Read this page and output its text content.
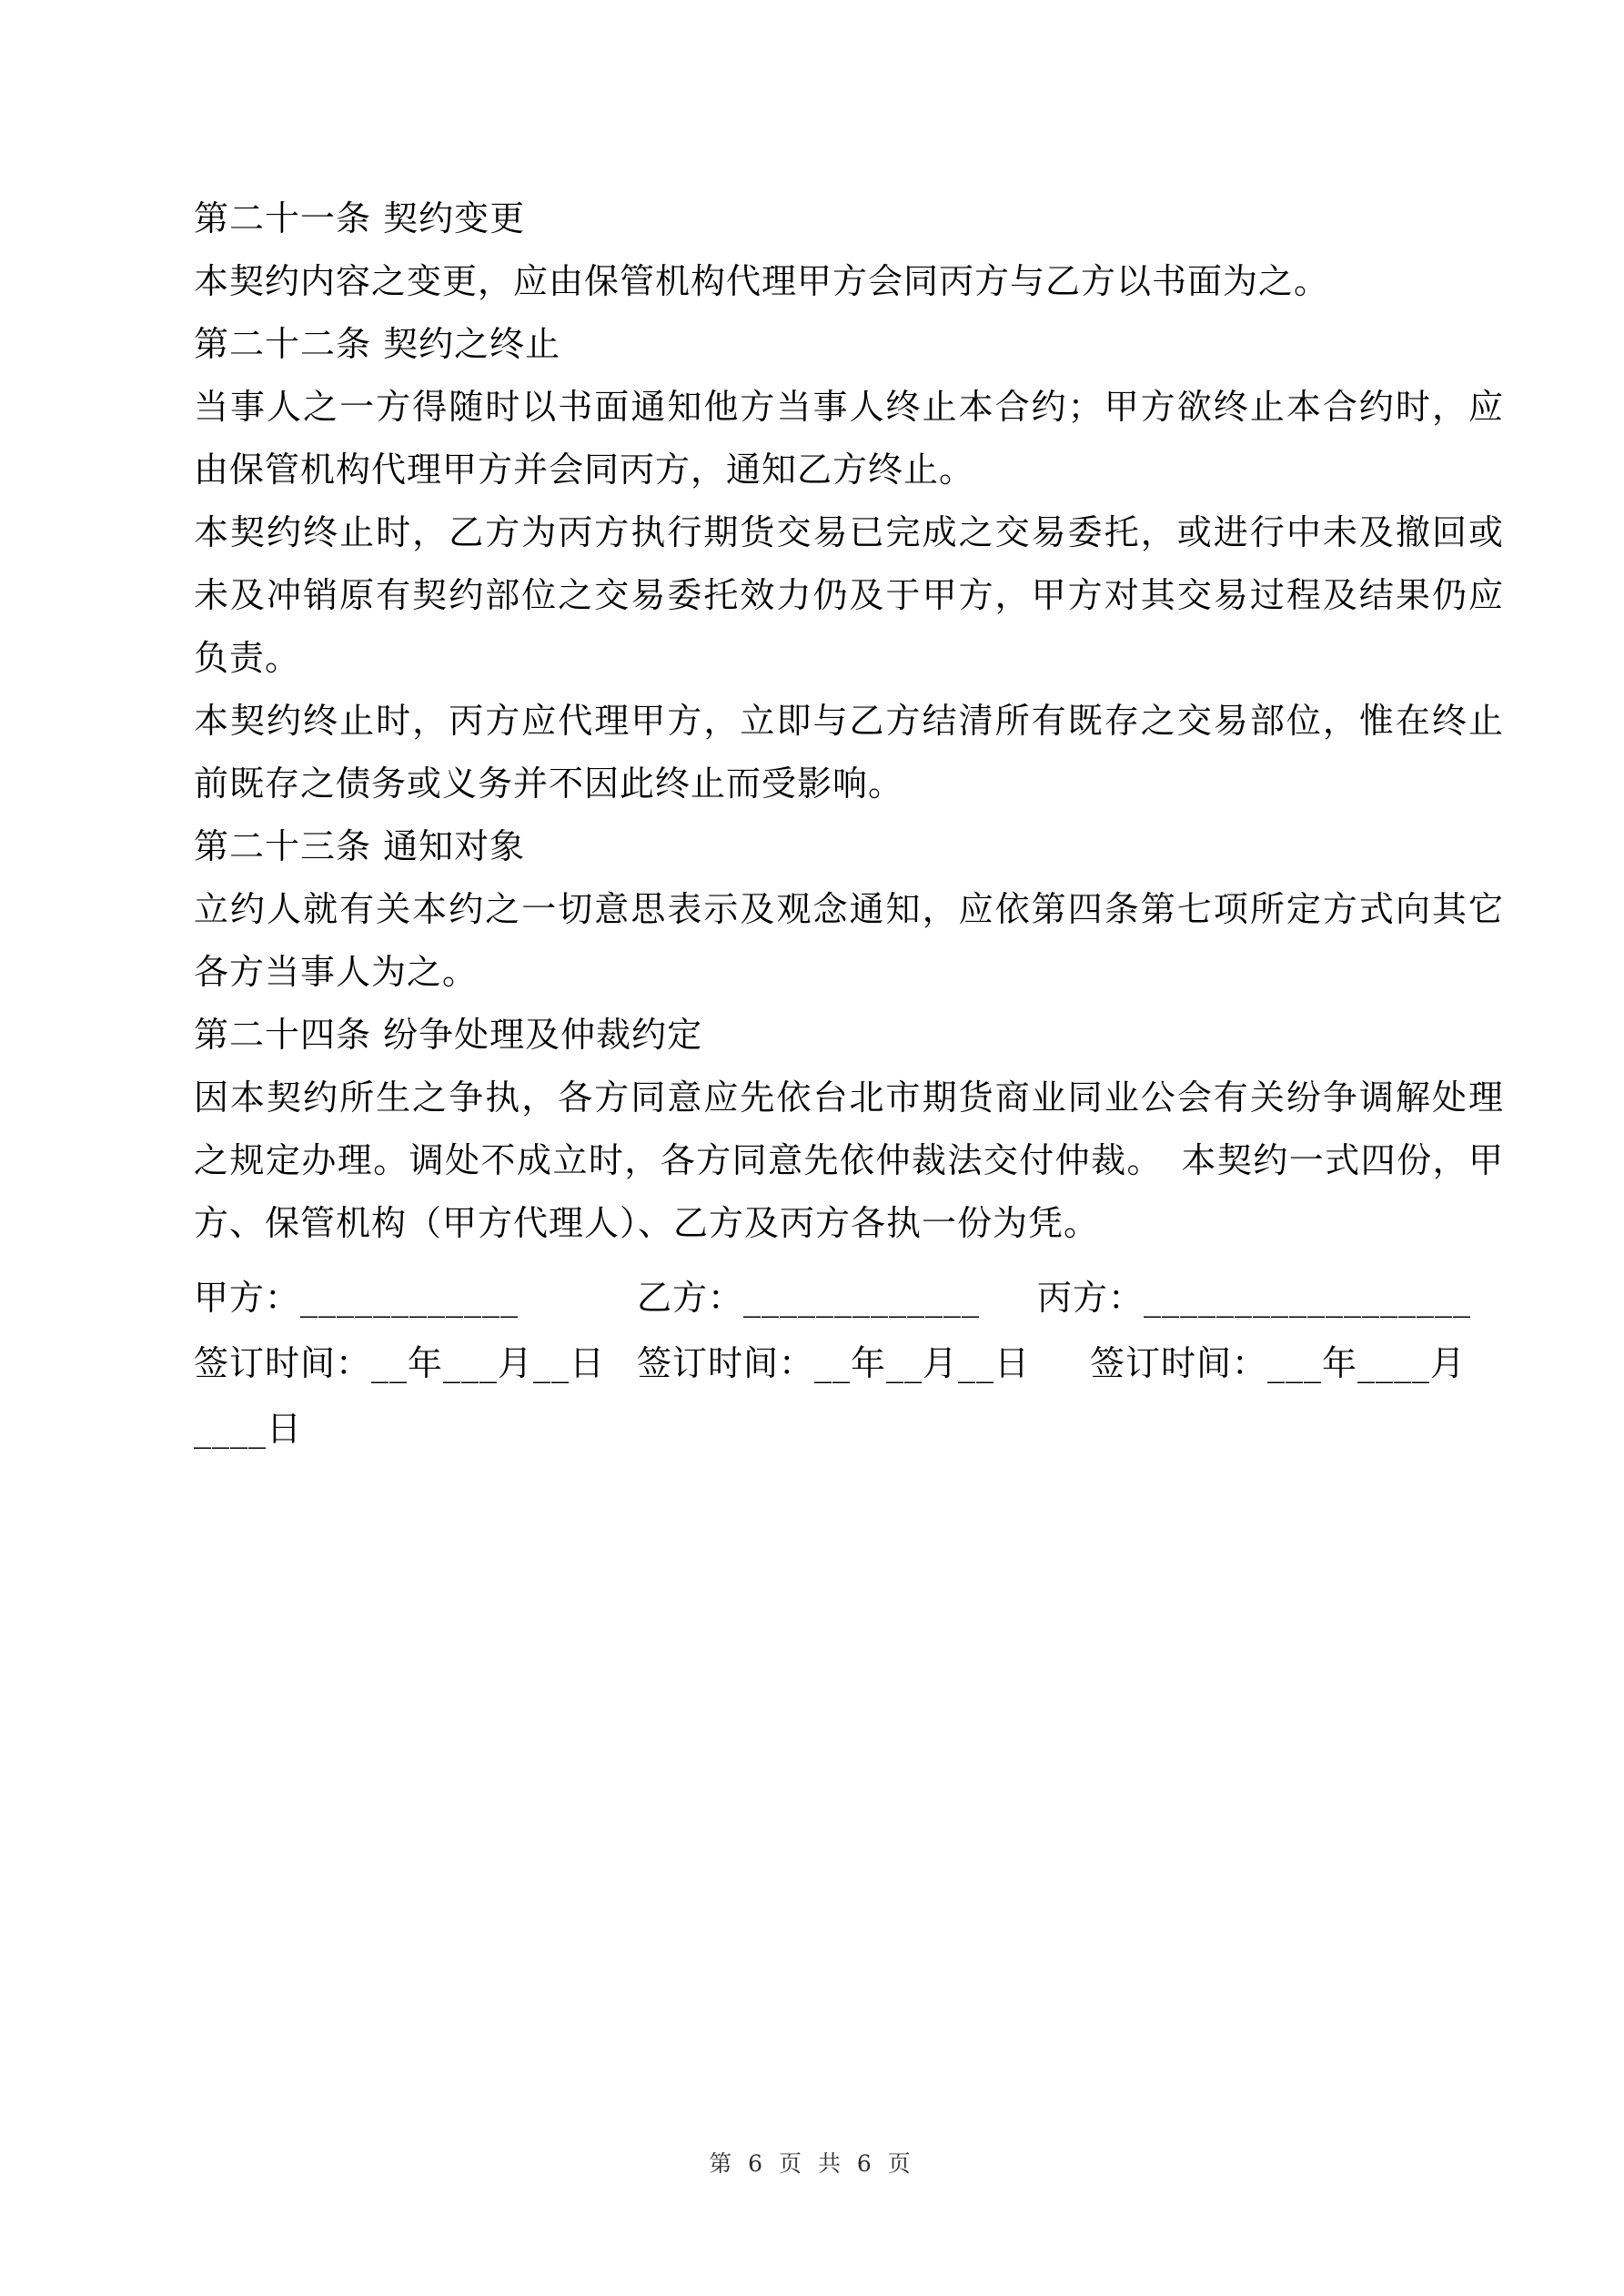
第二十一条 契约变更

本契约内容之变更，应由保管机构代理甲方会同丙方与乙方以书面为之。

第二十二条 契约之终止

当事人之一方得随时以书面通知他方当事人终止本合约；甲方欲终止本合约时，应由保管机构代理甲方并会同丙方，通知乙方终止。

本契约终止时，乙方为丙方执行期货交易已完成之交易委托，或进行中未及撤回或未及冲销原有契约部位之交易委托效力仍及于甲方，甲方对其交易过程及结果仍应负责。

本契约终止时，丙方应代理甲方，立即与乙方结清所有既存之交易部位，惟在终止前既存之债务或义务并不因此终止而受影响。

第二十三条 通知对象

立约人就有关本约之一切意思表示及观念通知，应依第四条第七项所定方式向其它各方当事人为之。

第二十四条 纷争处理及仲裁约定

因本契约所生之争执，各方同意应先依台北市期货商业同业公会有关纷争调解处理之规定办理。调处不成立时，各方同意先依仲裁法交付仲裁。　本契约一式四份，甲方、保管机构（甲方代理人）、乙方及丙方各执一份为凭。

甲方：____________	乙方：_____________ 丙方：__________________
签订时间：__年___月__日 签订时间：__年__月__日 签订时间：___年____月
____日
第 6 页 共 6 页
